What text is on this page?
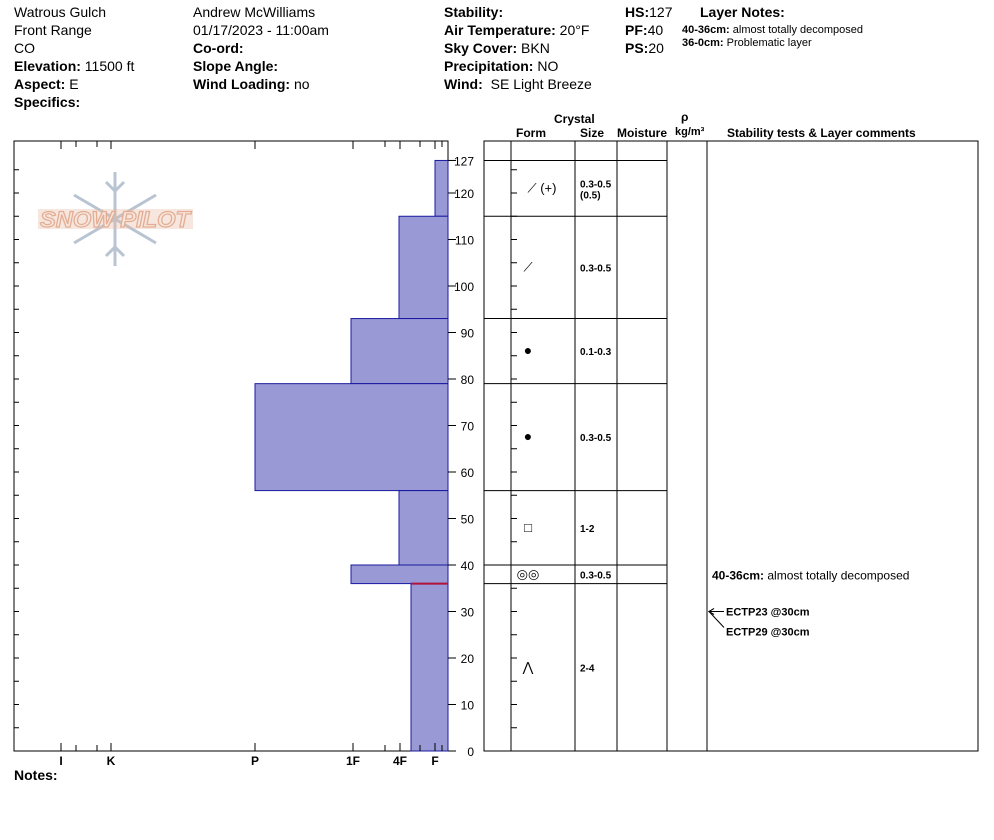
Watrous Gulch
Front Range
CO
Elevation: 11500 ft
Aspect: E
Specifics:
Andrew McWilliams
01/17/2023 - 11:00am
Co-ord:
Slope Angle:
Wind Loading: no
Stability:
Air Temperature: 20°F
Sky Cover: BKN
Precipitation: NO
Wind: SE Light Breeze
HS:127
PF:40
PS:20
Layer Notes:
40-36cm: almost totally decomposed
36-0cm: Problematic layer
Crystal
Form	Size Moisture
ρ
kg/m³ Stability tests & Layer comments
Notes:
SNOW PILOT
0
10
20
30
40
50
60
70
80
90
100
110
120
127
I	K	P	1F	4F F
⟋ (+) 0.3-0.5
(0.5)
⟋	0.3-0.5
●	0.1-0.3
●	0.3-0.5
□	1-2
◎◎	0.3-0.5
⋀	2-4
40-36cm: almost totally decomposed
ECTP23 @30cm
ECTP29 @30cm
